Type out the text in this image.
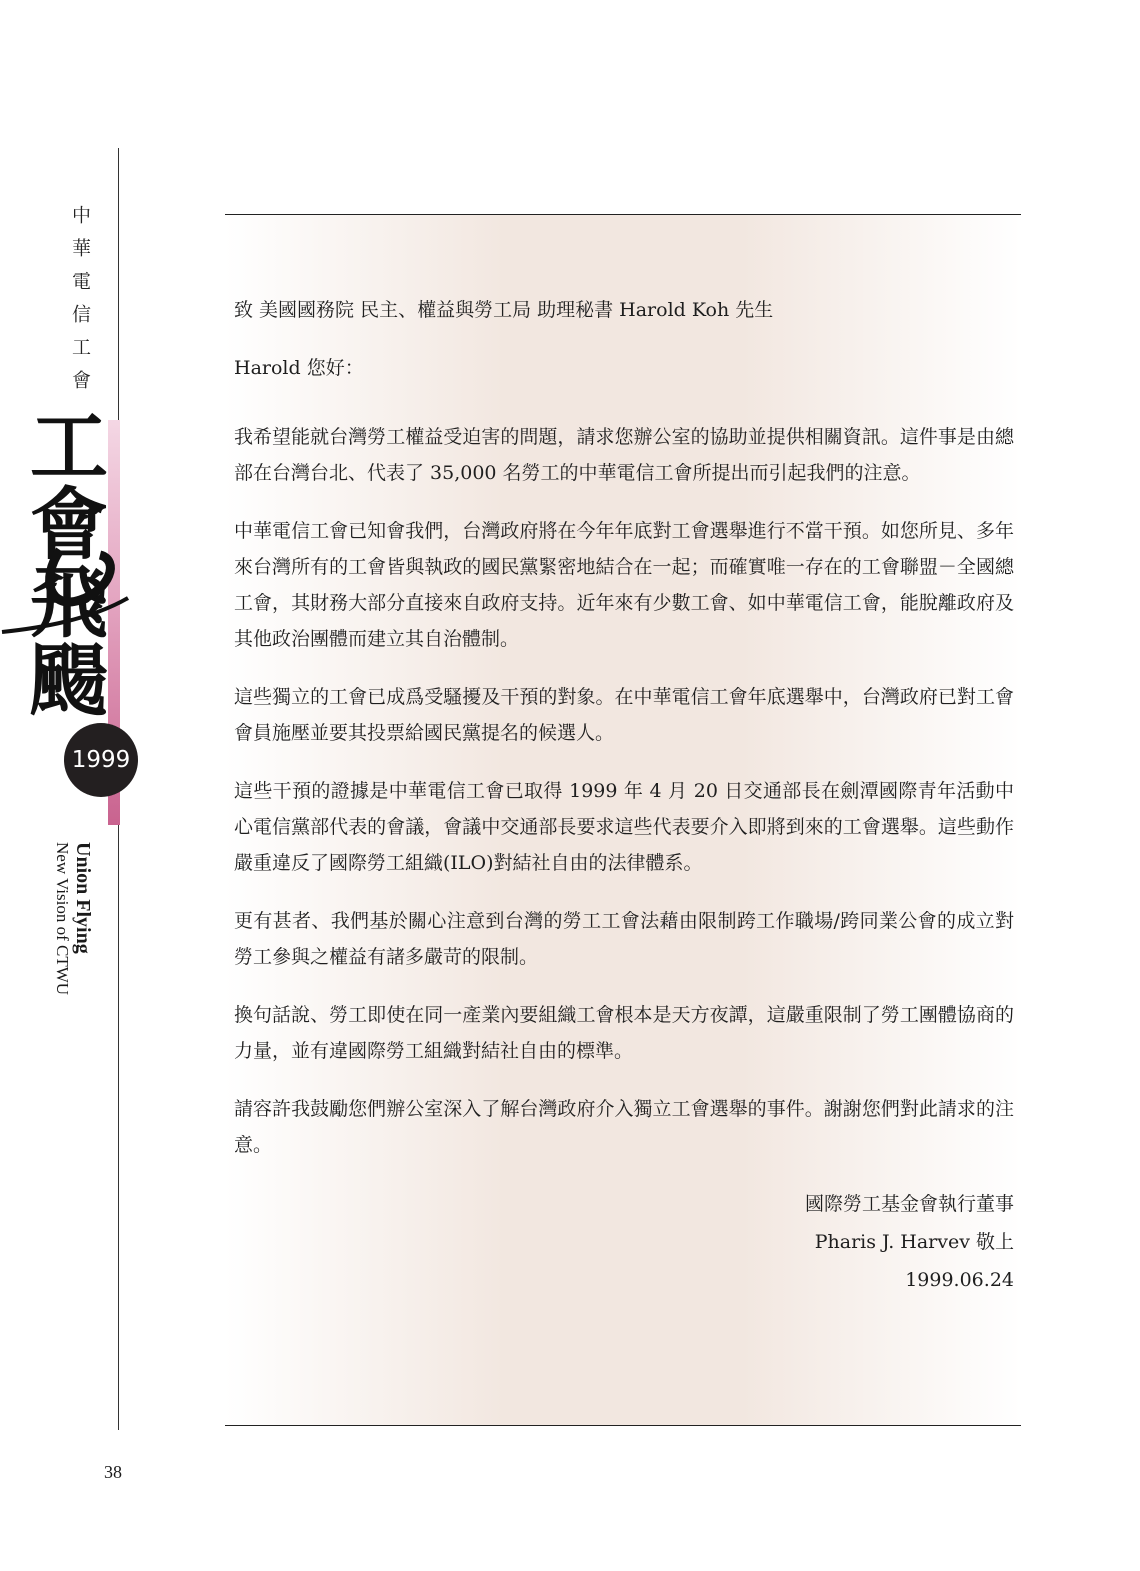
中華電信工會
工會飛颺
1999
Union Flying
New Vision of CTWU
38

致 美國國務院 民主、權益與勞工局 助理秘書 Harold Koh 先生

Harold 您好：

我希望能就台灣勞工權益受迫害的問題，請求您辦公室的協助並提供相關資訊。這件事是由總部在台灣台北、代表了 35,000 名勞工的中華電信工會所提出而引起我們的注意。

中華電信工會已知會我們，台灣政府將在今年年底對工會選舉進行不當干預。如您所見、多年來台灣所有的工會皆與執政的國民黨緊密地結合在一起；而確實唯一存在的工會聯盟－全國總工會，其財務大部分直接來自政府支持。近年來有少數工會、如中華電信工會，能脫離政府及其他政治團體而建立其自治體制。

這些獨立的工會已成爲受騷擾及干預的對象。在中華電信工會年底選舉中，台灣政府已對工會會員施壓並要其投票給國民黨提名的候選人。

這些干預的證據是中華電信工會已取得 1999 年 4 月 20 日交通部長在劍潭國際青年活動中心電信黨部代表的會議，會議中交通部長要求這些代表要介入即將到來的工會選舉。這些動作嚴重違反了國際勞工組織(ILO)對結社自由的法律體系。

更有甚者、我們基於關心注意到台灣的勞工工會法藉由限制跨工作職場/跨同業公會的成立對勞工參與之權益有諸多嚴苛的限制。

換句話說、勞工即使在同一產業內要組織工會根本是天方夜譚，這嚴重限制了勞工團體協商的力量，並有違國際勞工組織對結社自由的標準。

請容許我鼓勵您們辦公室深入了解台灣政府介入獨立工會選舉的事件。謝謝您們對此請求的注意。

國際勞工基金會執行董事
Pharis J. Harvev 敬上
1999.06.24
